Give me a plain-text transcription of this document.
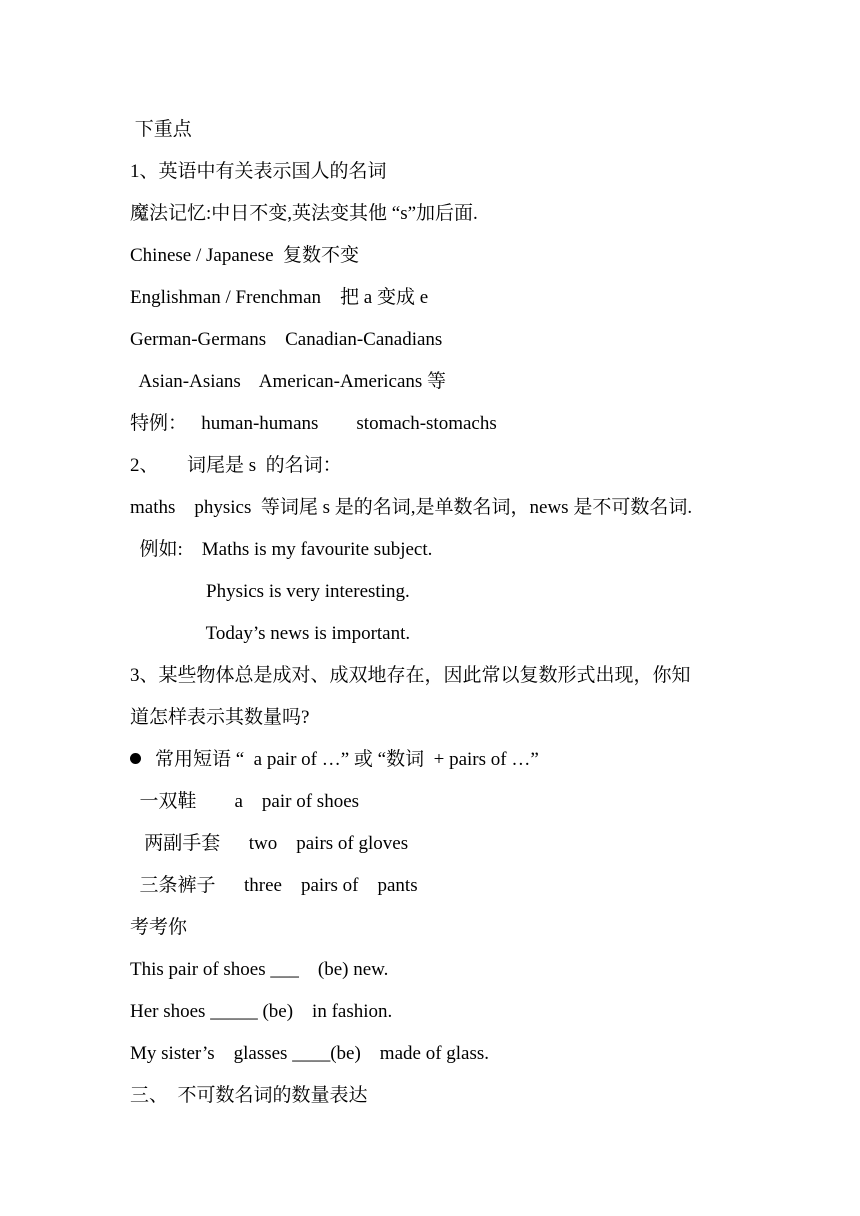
下重点
1、英语中有关表示国人的名词
魔法记忆:中日不变,英法变其他 “s”加后面.
Chinese / Japanese  复数不变
Englishman / Frenchman    把 a 变成 e
German-Germans    Canadian-Canadians
Asian-Asians    American-Americans 等
特例：   human-humans        stomach-stomachs
2、      词尾是 s  的名词：
maths    physics  等词尾 s 是的名词,是单数名词，news 是不可数名词.
例如:    Maths is my favourite subject.
Physics is very interesting.
Today’s news is important.
3、某些物体总是成对、成双地存在，因此常以复数形式出现，你知
道怎样表示其数量吗?
常用短语 “  a pair of …” 或 “数词  + pairs of …”
一双鞋        a    pair of shoes
两副手套      two    pairs of gloves
三条裤子      three    pairs of    pants
考考你
This pair of shoes ___    (be) new.
Her shoes _____ (be)    in fashion.
My sister’s    glasses ____(be)    made of glass.
三、  不可数名词的数量表达
